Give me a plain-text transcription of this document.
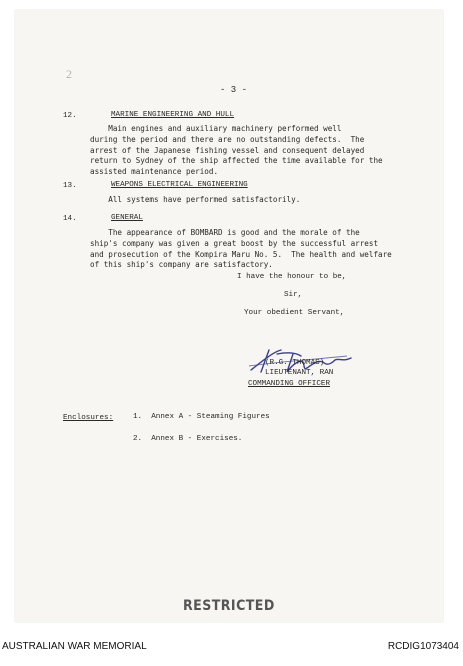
2
- 3 -
12.	MARINE ENGINEERING AND HULL
Main engines and auxiliary machinery performed well
during the period and there are no outstanding defects.  The
arrest of the Japanese fishing vessel and consequent delayed
return to Sydney of the ship affected the time available for the
assisted maintenance period.
13.	WEAPONS ELECTRICAL ENGINEERING
All systems have performed satisfactorily.
14.	GENERAL
The appearance of BOMBARD is good and the morale of the
ship's company was given a great boost by the successful arrest
and prosecution of the Kompira Maru No. 5.  The health and welfare
of this ship's company are satisfactory.
I have the honour to be,
Sir,
Your obedient Servant,
(R.G. THOMAS)
LIEUTENANT, RAN
COMMANDING OFFICER
Enclosures:	1.  Annex A - Steaming Figures
2.  Annex B - Exercises.
RESTRICTED
AUSTRALIAN WAR MEMORIAL	RCDIG1073404
